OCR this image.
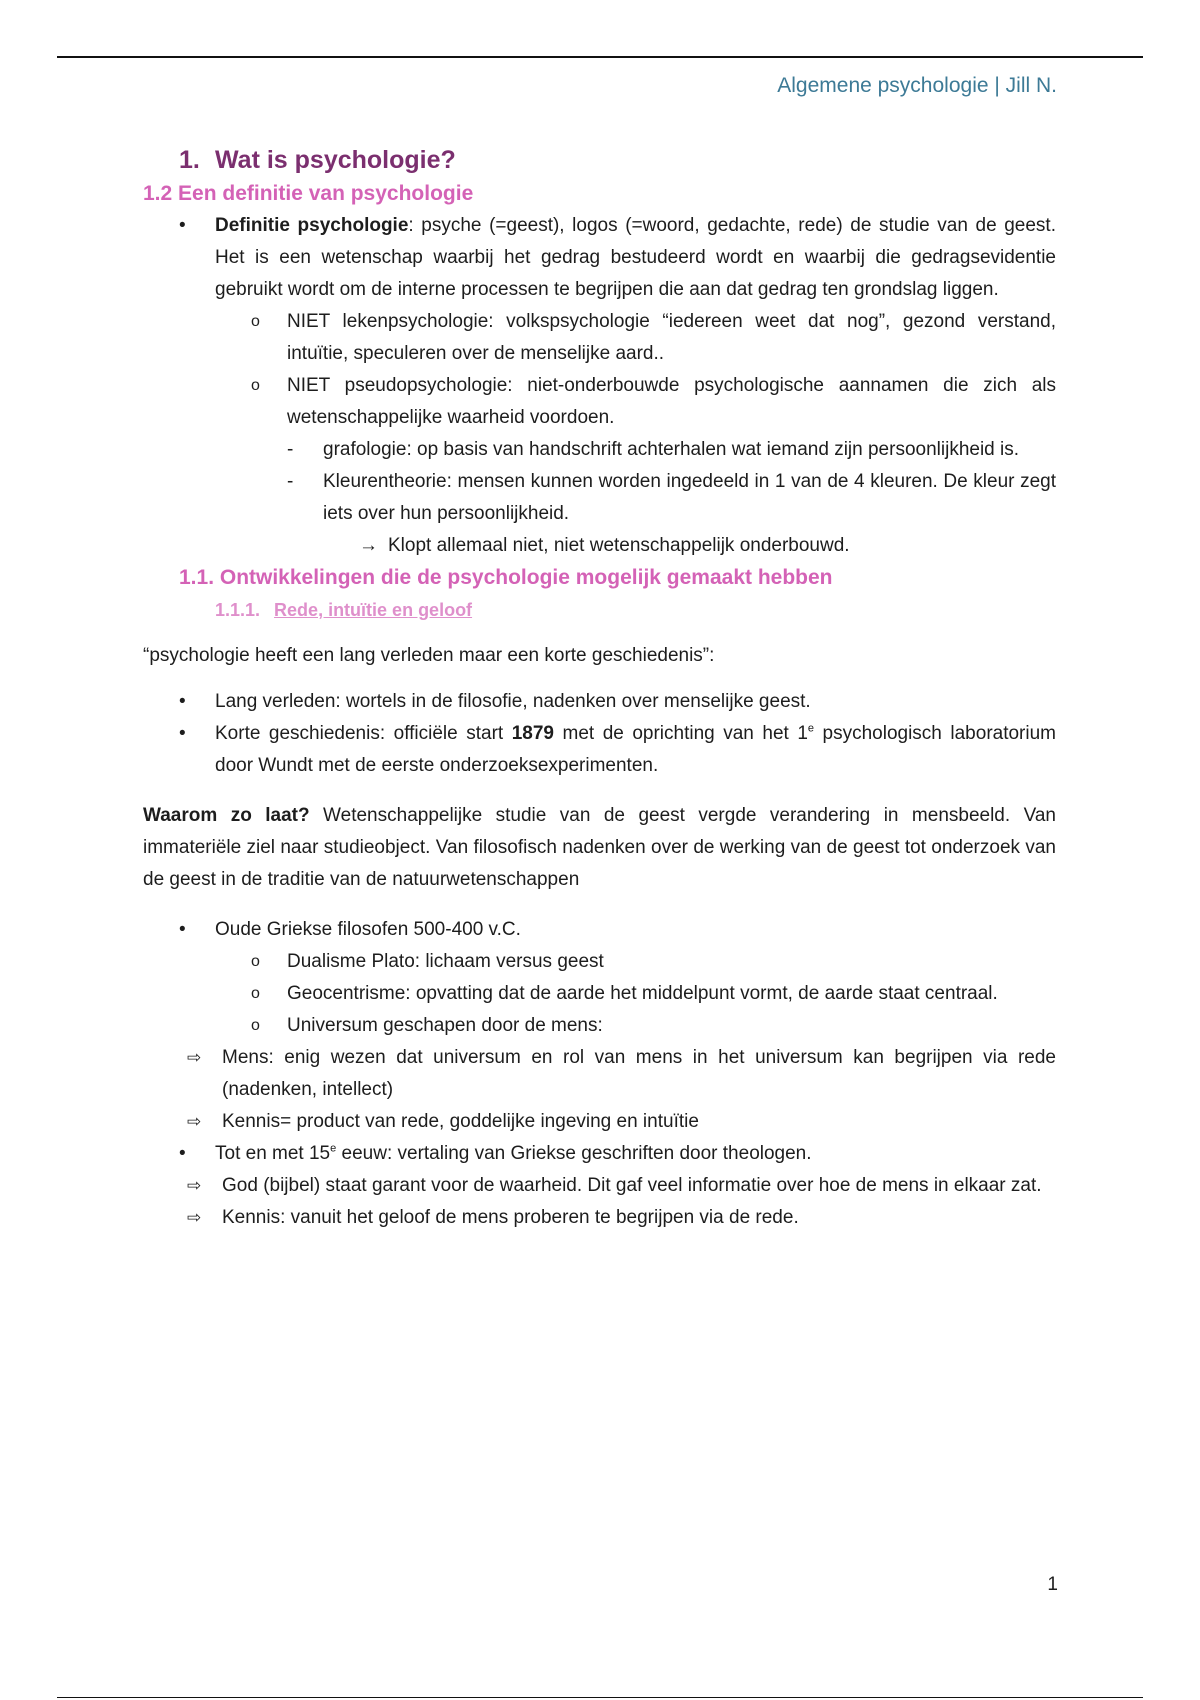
Algemene psychologie | Jill N.
1. Wat is psychologie?
1.2 Een definitie van psychologie
• Definitie psychologie: psyche (=geest), logos (=woord, gedachte, rede) de studie van de geest. Het is een wetenschap waarbij het gedrag bestudeerd wordt en waarbij die gedragsevidentie gebruikt wordt om de interne processen te begrijpen die aan dat gedrag ten grondslag liggen.
o NIET lekenpsychologie: volkspsychologie “iedereen weet dat nog”, gezond verstand, intuïtie, speculeren over de menselijke aard..
o NIET pseudopsychologie: niet-onderbouwde psychologische aannamen die zich als wetenschappelijke waarheid voordoen.
- grafologie: op basis van handschrift achterhalen wat iemand zijn persoonlijkheid is.
- Kleurentheorie: mensen kunnen worden ingedeeld in 1 van de 4 kleuren. De kleur zegt iets over hun persoonlijkheid.
→ Klopt allemaal niet, niet wetenschappelijk onderbouwd.
1.1. Ontwikkelingen die de psychologie mogelijk gemaakt hebben
1.1.1. Rede, intuïtie en geloof
“psychologie heeft een lang verleden maar een korte geschiedenis”:
• Lang verleden: wortels in de filosofie, nadenken over menselijke geest.
• Korte geschiedenis: officiële start 1879 met de oprichting van het 1e psychologisch laboratorium door Wundt met de eerste onderzoeksexperimenten.
Waarom zo laat? Wetenschappelijke studie van de geest vergde verandering in mensbeeld. Van immateriële ziel naar studieobject. Van filosofisch nadenken over de werking van de geest tot onderzoek van de geest in de traditie van de natuurwetenschappen
• Oude Griekse filosofen 500-400 v.C.
o Dualisme Plato: lichaam versus geest
o Geocentrisme: opvatting dat de aarde het middelpunt vormt, de aarde staat centraal.
o Universum geschapen door de mens:
⇨ Mens: enig wezen dat universum en rol van mens in het universum kan begrijpen via rede (nadenken, intellect)
⇨ Kennis= product van rede, goddelijke ingeving en intuïtie
• Tot en met 15e eeuw: vertaling van Griekse geschriften door theologen.
⇨ God (bijbel) staat garant voor de waarheid. Dit gaf veel informatie over hoe de mens in elkaar zat.
⇨ Kennis: vanuit het geloof de mens proberen te begrijpen via de rede.
1
